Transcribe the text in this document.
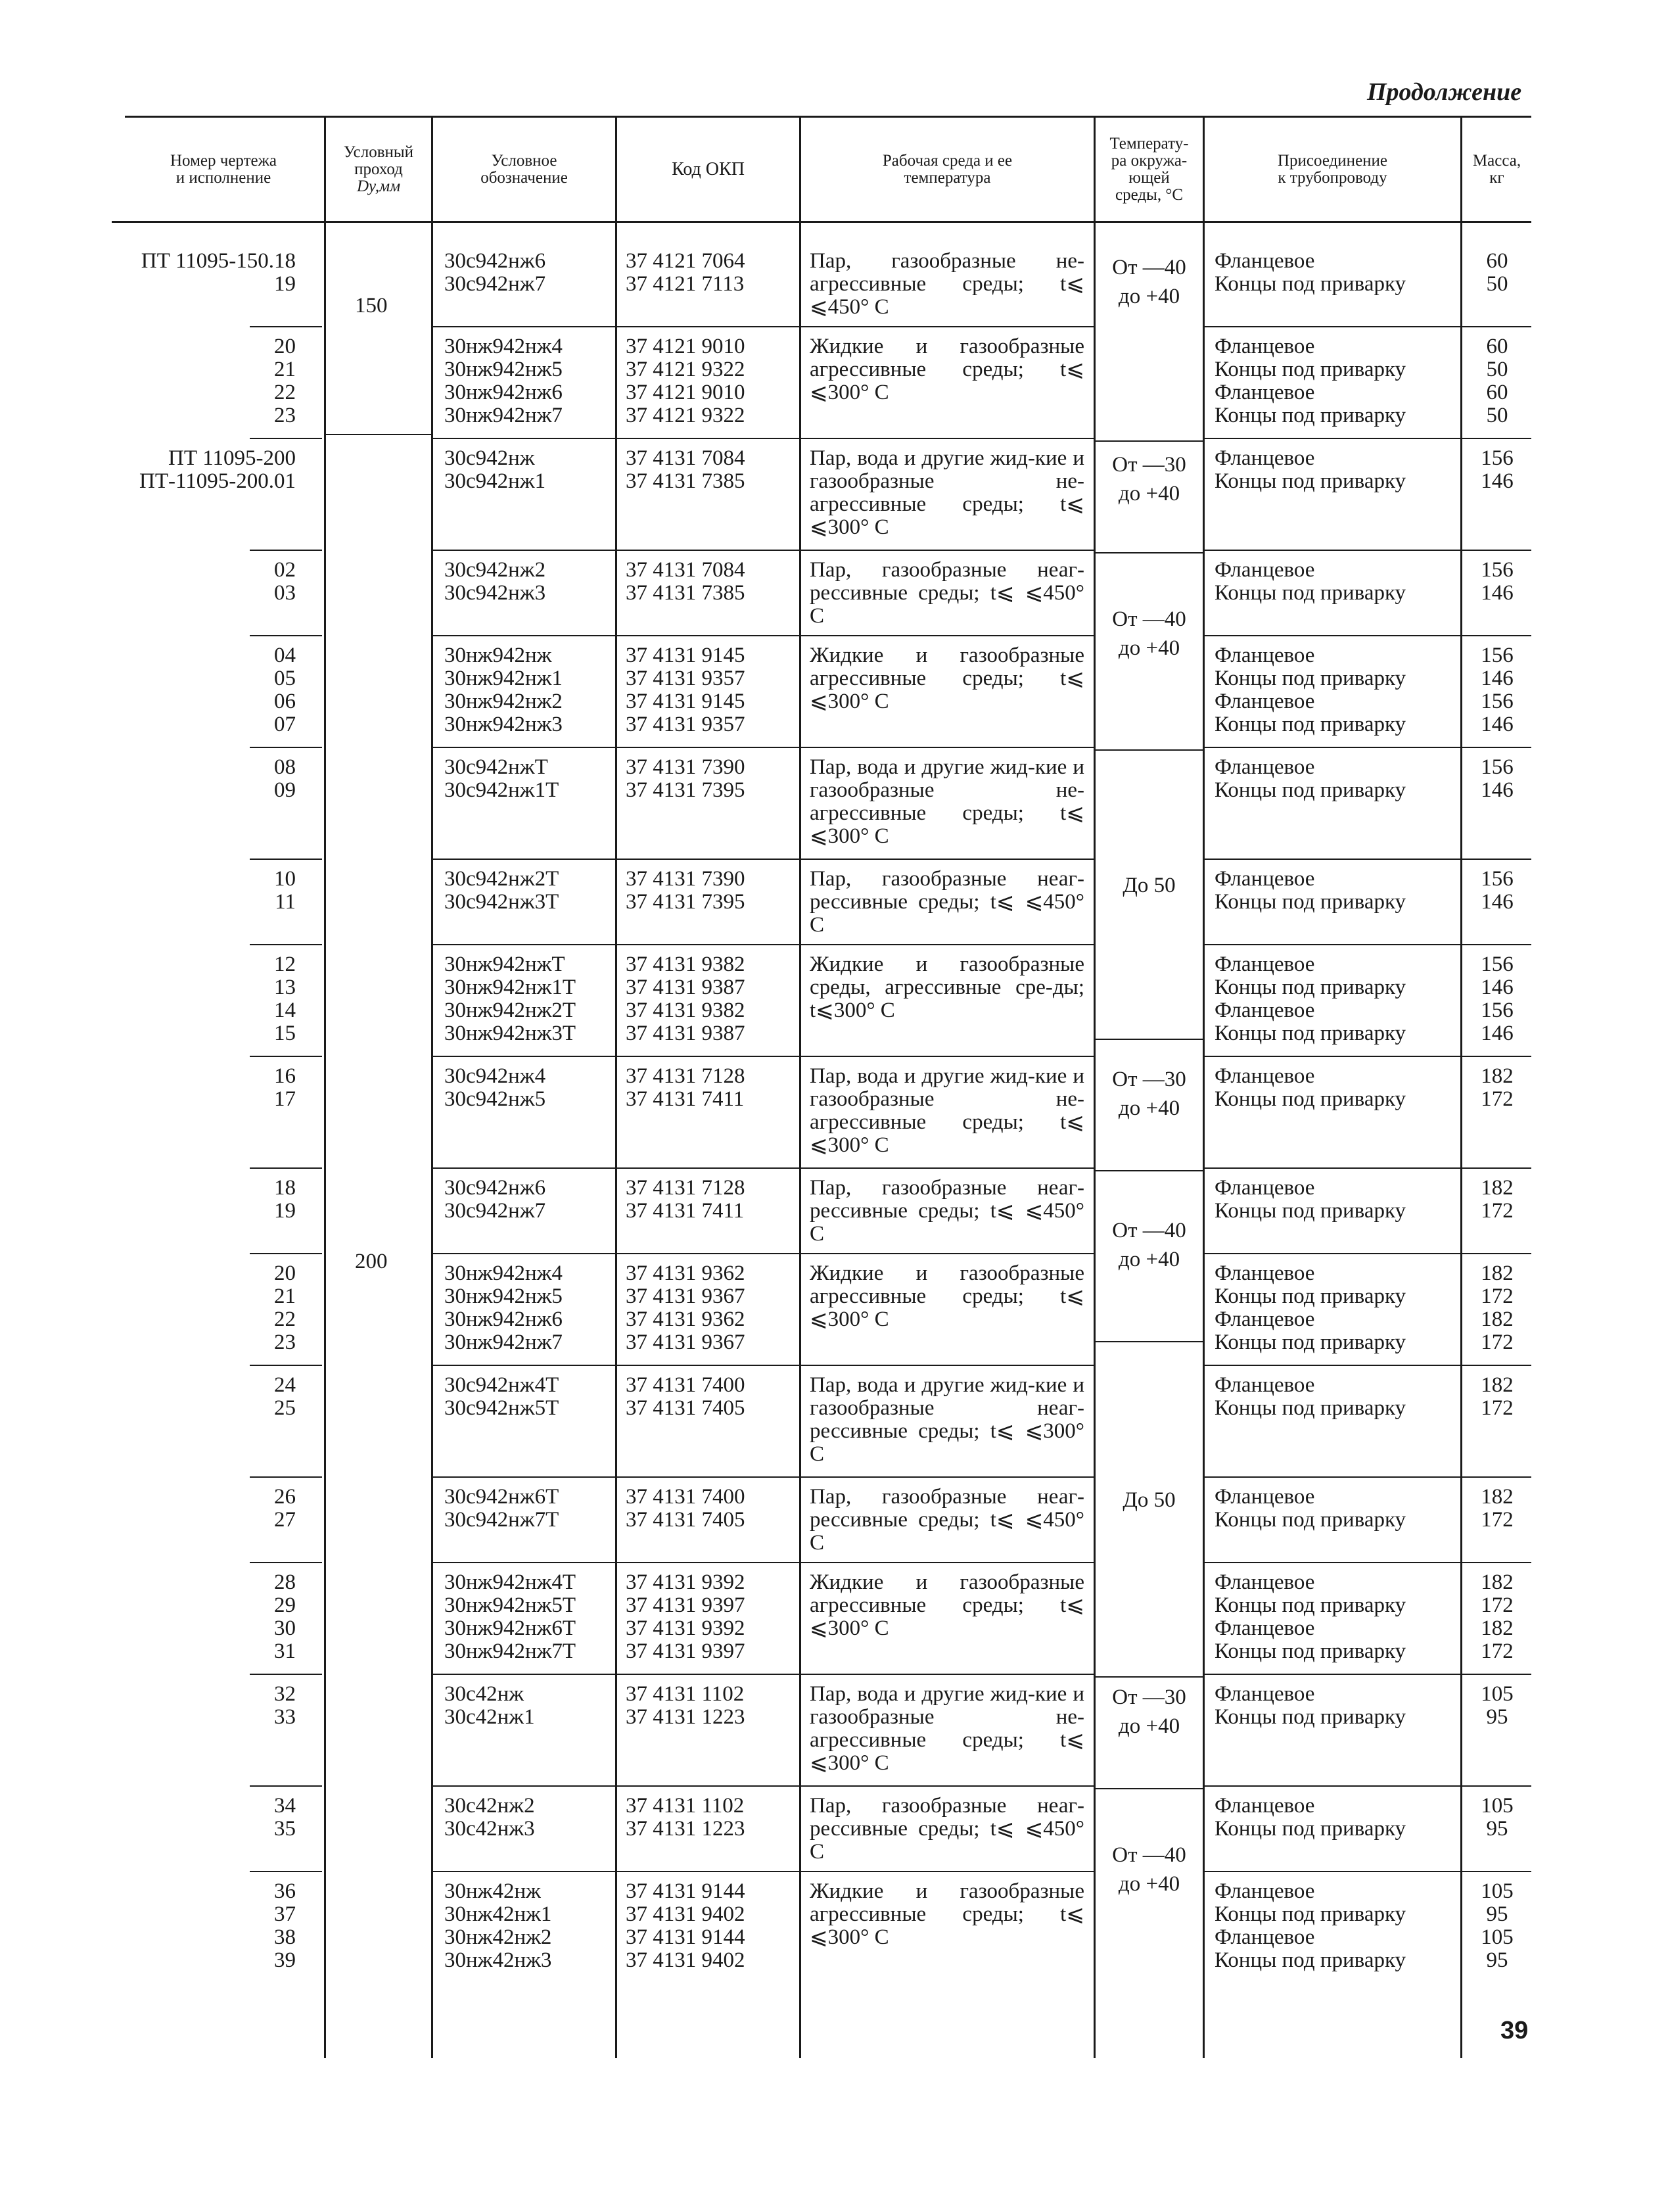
Продолжение
Номер чертежа
и исполнение
Условный
проход
Dу,мм
Условное
обозначение	Код ОКП	Рабочая среда и ее
температура
Температу-
ра окружа-
ющей
среды, °С
Присоединение
к трубопроводу
Масса,
кг
150
200
ПТ 11095-150.18
19
30с942нж6
30с942нж7
37 4121 7064
37 4121 7113
Пар, газообразные не-агрессивные среды; t⩽ ⩽450° С
Фланцевое
Концы под приварку
60
50
20
21
22
23
30нж942нж4
30нж942нж5
30нж942нж6
30нж942нж7
37 4121 9010
37 4121 9322
37 4121 9010
37 4121 9322
Жидкие и газообразные агрессивные среды; t⩽ ⩽300° С
Фланцевое
Концы под приварку
Фланцевое
Концы под приварку
60
50
60
50
ПТ 11095-200
ПТ-11095-200.01
30с942нж
30с942нж1
37 4131 7084
37 4131 7385
Пар, вода и другие жид-кие и газообразные не-агрессивные среды; t⩽ ⩽300° С
Фланцевое
Концы под приварку
156
146
02
03
30с942нж2
30с942нж3
37 4131 7084
37 4131 7385
Пар, газообразные неаг-рессивные среды; t⩽ ⩽450° С
Фланцевое
Концы под приварку
156
146
04
05
06
07
30нж942нж
30нж942нж1
30нж942нж2
30нж942нж3
37 4131 9145
37 4131 9357
37 4131 9145
37 4131 9357
Жидкие и газообразные агрессивные среды; t⩽ ⩽300° С
Фланцевое
Концы под приварку
Фланцевое
Концы под приварку
156
146
156
146
08
09
30с942нжТ
30с942нж1Т
37 4131 7390
37 4131 7395
Пар, вода и другие жид-кие и газообразные не-агрессивные среды; t⩽ ⩽300° С
Фланцевое
Концы под приварку
156
146
10
11
30с942нж2Т
30с942нж3Т
37 4131 7390
37 4131 7395
Пар, газообразные неаг-рессивные среды; t⩽ ⩽450° С
Фланцевое
Концы под приварку
156
146
12
13
14
15
30нж942нжТ
30нж942нж1Т
30нж942нж2Т
30нж942нж3Т
37 4131 9382
37 4131 9387
37 4131 9382
37 4131 9387
Жидкие и газообразные среды, агрессивные сре-ды; t⩽300° С
Фланцевое
Концы под приварку
Фланцевое
Концы под приварку
156
146
156
146
16
17
30с942нж4
30с942нж5
37 4131 7128
37 4131 7411
Пар, вода и другие жид-кие и газообразные не-агрессивные среды; t⩽ ⩽300° С
Фланцевое
Концы под приварку
182
172
18
19
30с942нж6
30с942нж7
37 4131 7128
37 4131 7411
Пар, газообразные неаг-рессивные среды; t⩽ ⩽450° С
Фланцевое
Концы под приварку
182
172
20
21
22
23
30нж942нж4
30нж942нж5
30нж942нж6
30нж942нж7
37 4131 9362
37 4131 9367
37 4131 9362
37 4131 9367
Жидкие и газообразные агрессивные среды; t⩽ ⩽300° С
Фланцевое
Концы под приварку
Фланцевое
Концы под приварку
182
172
182
172
24
25
30с942нж4Т
30с942нж5Т
37 4131 7400
37 4131 7405
Пар, вода и другие жид-кие и газообразные неаг-рессивные среды; t⩽ ⩽300° С
Фланцевое
Концы под приварку
182
172
26
27
30с942нж6Т
30с942нж7Т
37 4131 7400
37 4131 7405
Пар, газообразные неаг-рессивные среды; t⩽ ⩽450° С
Фланцевое
Концы под приварку
182
172
28
29
30
31
30нж942нж4Т
30нж942нж5Т
30нж942нж6Т
30нж942нж7Т
37 4131 9392
37 4131 9397
37 4131 9392
37 4131 9397
Жидкие и газообразные агрессивные среды; t⩽ ⩽300° С
Фланцевое
Концы под приварку
Фланцевое
Концы под приварку
182
172
182
172
32
33
30с42нж
30с42нж1
37 4131 1102
37 4131 1223
Пар, вода и другие жид-кие и газообразные не-агрессивные среды; t⩽ ⩽300° С
Фланцевое
Концы под приварку
105
95
34
35
30с42нж2
30с42нж3
37 4131 1102
37 4131 1223
Пар, газообразные неаг-рессивные среды; t⩽ ⩽450° С
Фланцевое
Концы под приварку
105
95
36
37
38
39
30нж42нж
30нж42нж1
30нж42нж2
30нж42нж3
37 4131 9144
37 4131 9402
37 4131 9144
37 4131 9402
Жидкие и газообразные агрессивные среды; t⩽ ⩽300° С
Фланцевое
Концы под приварку
Фланцевое
Концы под приварку
105
95
105
95
От —40
до +40
От —30
до +40
От —40
до +40
До 50
От —30
до +40
От —40
до +40
До 50
От —30
до +40
От —40
до +40
39
